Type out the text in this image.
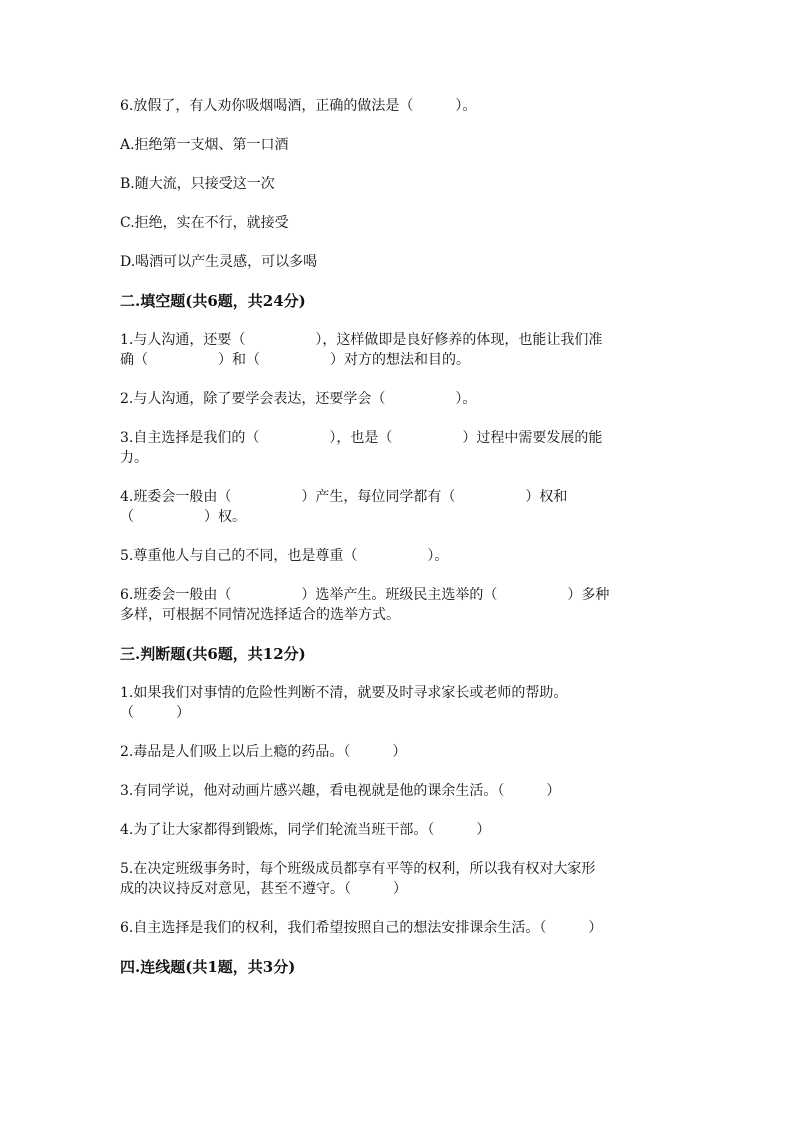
6.放假了，有人劝你吸烟喝酒，正确的做法是（　　　）。

A.拒绝第一支烟、第一口酒

B.随大流，只接受这一次

C.拒绝，实在不行，就接受

D.喝酒可以产生灵感，可以多喝

二.填空题(共6题，共24分)

1.与人沟通，还要（　　　　　），这样做即是良好修养的体现，也能让我们准

确（　　　　　）和（　　　　　）对方的想法和目的。

2.与人沟通，除了要学会表达，还要学会（　　　　　）。

3.自主选择是我们的（　　　　　），也是（　　　　　）过程中需要发展的能

力。

4.班委会一般由（　　　　　）产生，每位同学都有（　　　　　）权和

（　　　　　）权。

5.尊重他人与自己的不同，也是尊重（　　　　　）。

6.班委会一般由（　　　　　）选举产生。班级民主选举的（　　　　　）多种

多样，可根据不同情况选择适合的选举方式。

三.判断题(共6题，共12分)

1.如果我们对事情的危险性判断不清，就要及时寻求家长或老师的帮助。

（　　　）

2.毒品是人们吸上以后上瘾的药品。（　　　）

3.有同学说，他对动画片感兴趣，看电视就是他的课余生活。（　　　）

4.为了让大家都得到锻炼，同学们轮流当班干部。（　　　）

5.在决定班级事务时，每个班级成员都享有平等的权利，所以我有权对大家形

成的决议持反对意见，甚至不遵守。（　　　）

6.自主选择是我们的权利，我们希望按照自己的想法安排课余生活。（　　　）

四.连线题(共1题，共3分)
